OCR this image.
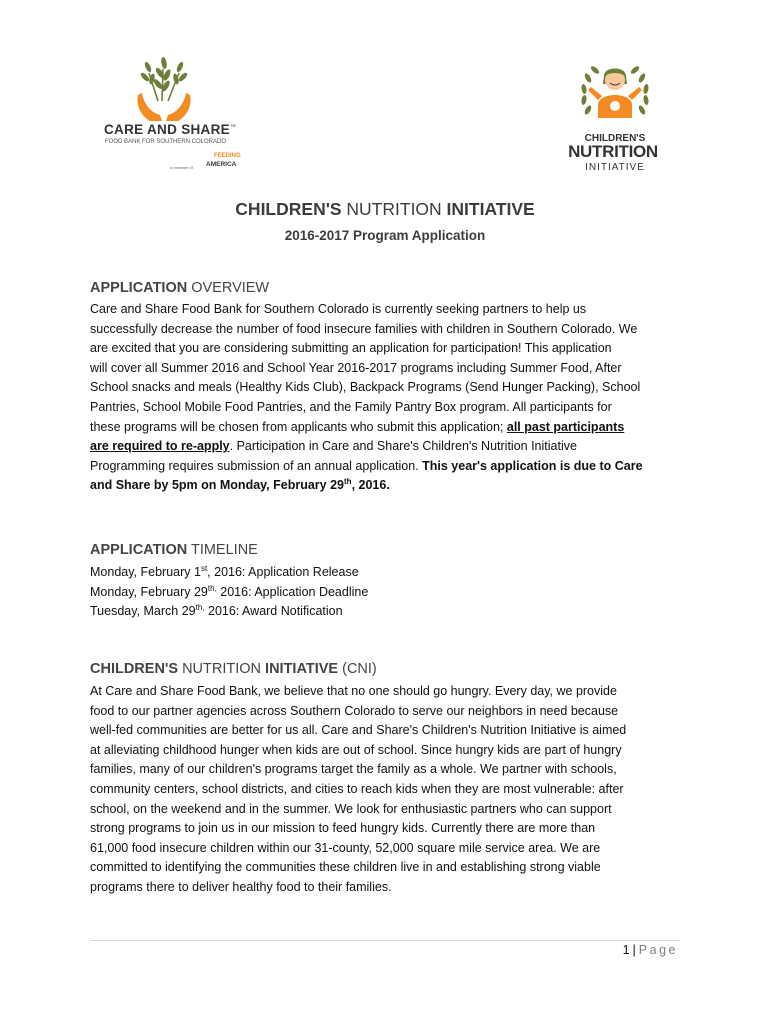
CARE AND SHARE™
FOOD BANK FOR SOUTHERN COLORADO
A member of
FEEDING
AMERICA
CHILDREN'S
NUTRITION
INITIATIVE
CHILDREN'S NUTRITION INITIATIVE
2016-2017 Program Application
APPLICATION OVERVIEW
Care and Share Food Bank for Southern Colorado is currently seeking partners to help us
successfully decrease the number of food insecure families with children in Southern Colorado. We
are excited that you are considering submitting an application for participation! This application
will cover all Summer 2016 and School Year 2016-2017 programs including Summer Food, After
School snacks and meals (Healthy Kids Club), Backpack Programs (Send Hunger Packing), School
Pantries, School Mobile Food Pantries, and the Family Pantry Box program. All participants for
these programs will be chosen from applicants who submit this application; all past participants
are required to re-apply. Participation in Care and Share's Children's Nutrition Initiative
Programming requires submission of an annual application. This year's application is due to Care
and Share by 5pm on Monday, February 29th, 2016.
APPLICATION TIMELINE
Monday, February 1st, 2016: Application Release
Monday, February $29^{th,}$ 2016: Application Deadline
Tuesday, March $29^{th,}$ 2016: Award Notification
CHILDREN'S NUTRITION INITIATIVE (CNI)
At Care and Share Food Bank, we believe that no one should go hungry. Every day, we provide
food to our partner agencies across Southern Colorado to serve our neighbors in need because
well-fed communities are better for us all. Care and Share's Children's Nutrition Initiative is aimed
at alleviating childhood hunger when kids are out of school. Since hungry kids are part of hungry
families, many of our children's programs target the family as a whole. We partner with schools,
community centers, school districts, and cities to reach kids when they are most vulnerable: after
school, on the weekend and in the summer. We look for enthusiastic partners who can support
strong programs to join us in our mission to feed hungry kids. Currently there are more than
61,000 food insecure children within our 31-county, 52,000 square mile service area. We are
committed to identifying the communities these children live in and establishing strong viable
programs there to deliver healthy food to their families.
1 | Page
